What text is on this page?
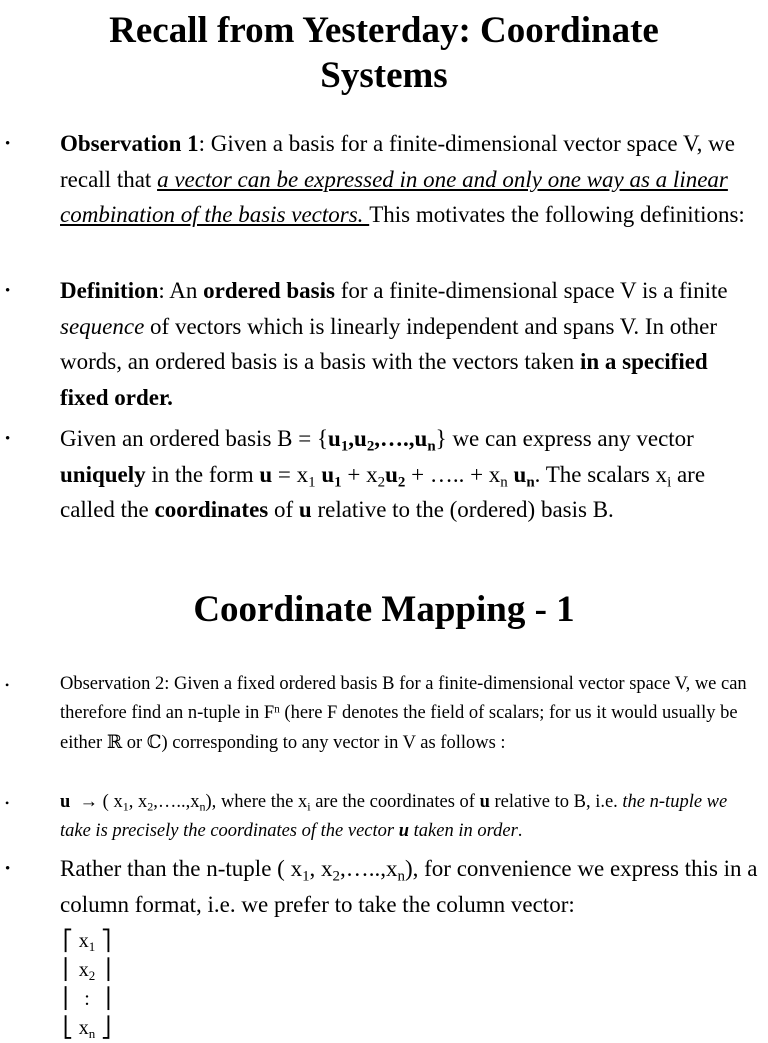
Recall from Yesterday: Coordinate
Systems
• Observation 1: Given a basis for a finite-dimensional vector space V, we recall that a vector can be expressed in one and only one way as a linear combination of the basis vectors. This motivates the following definitions:

• Definition: An ordered basis for a finite-dimensional space V is a finite sequence of vectors which is linearly independent and spans V. In other words, an ordered basis is a basis with the vectors taken in a specified fixed order.

• Given an ordered basis $B = \{u_1,u_2,\dots.,u_n\}$ we can express any vector uniquely in the form $u = x_1$ $u_1 + x_2u_2$ + ….. + $x_n$ $u_n$. The scalars $x_i$ are called the coordinates of u relative to the (ordered) basis B.

Coordinate Mapping - 1
•	Observation 2: Given a fixed ordered basis B for a finite-dimensional vector space V, we can therefore find an n-tuple in $F^n$ (here F denotes the field of scalars; for us it would usually be either ℝ or ℂ) corresponding to any vector in V as follows :

•	u  → ( $x_1$, $x_2,\dots..,x_n$), where the $x_i$ are the coordinates of u relative to B, i.e. the n-tuple we take is precisely the coordinates of the vector u taken in order.

• Rather than the n-tuple ( $x_1$, $x_2,\dots..,x_n$), for convenience we express this in a column format, i.e. we prefer to take the column vector:

⎡ $x_1$ ⎤
⎢ $x_2$ ⎥
⎢ : ⎥
⎣ $x_n$ ⎦
